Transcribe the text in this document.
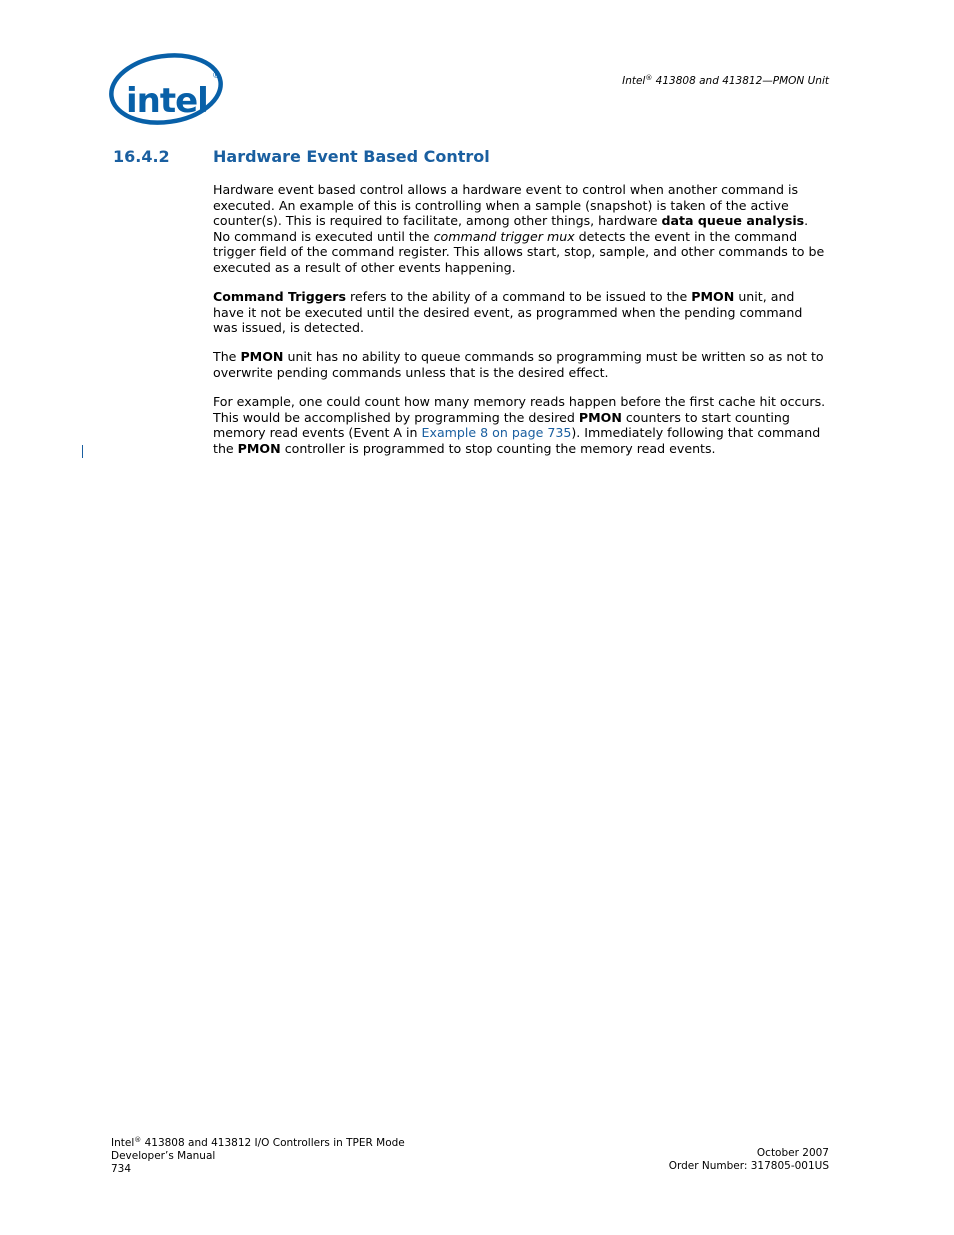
intel
®	Intel® 413808 and 413812—PMON Unit
16.4.2	Hardware Event Based Control

Hardware event based control allows a hardware event to control when another command is executed. An example of this is controlling when a sample (snapshot) is taken of the active counter(s). This is required to facilitate, among other things, hardware data queue analysis. No command is executed until the command trigger mux detects the event in the command trigger field of the command register. This allows start, stop, sample, and other commands to be executed as a result of other events happening.

Command Triggers refers to the ability of a command to be issued to the PMON unit, and have it not be executed until the desired event, as programmed when the pending command was issued, is detected.

The PMON unit has no ability to queue commands so programming must be written so as not to overwrite pending commands unless that is the desired effect.

For example, one could count how many memory reads happen before the first cache hit occurs. This would be accomplished by programming the desired PMON counters to start counting memory read events (Event A in Example 8 on page 735). Immediately following that command the PMON controller is programmed to stop counting the memory read events.

Intel® 413808 and 413812 I/O Controllers in TPER Mode
Developer’s Manual
734
October 2007
Order Number: 317805-001US
